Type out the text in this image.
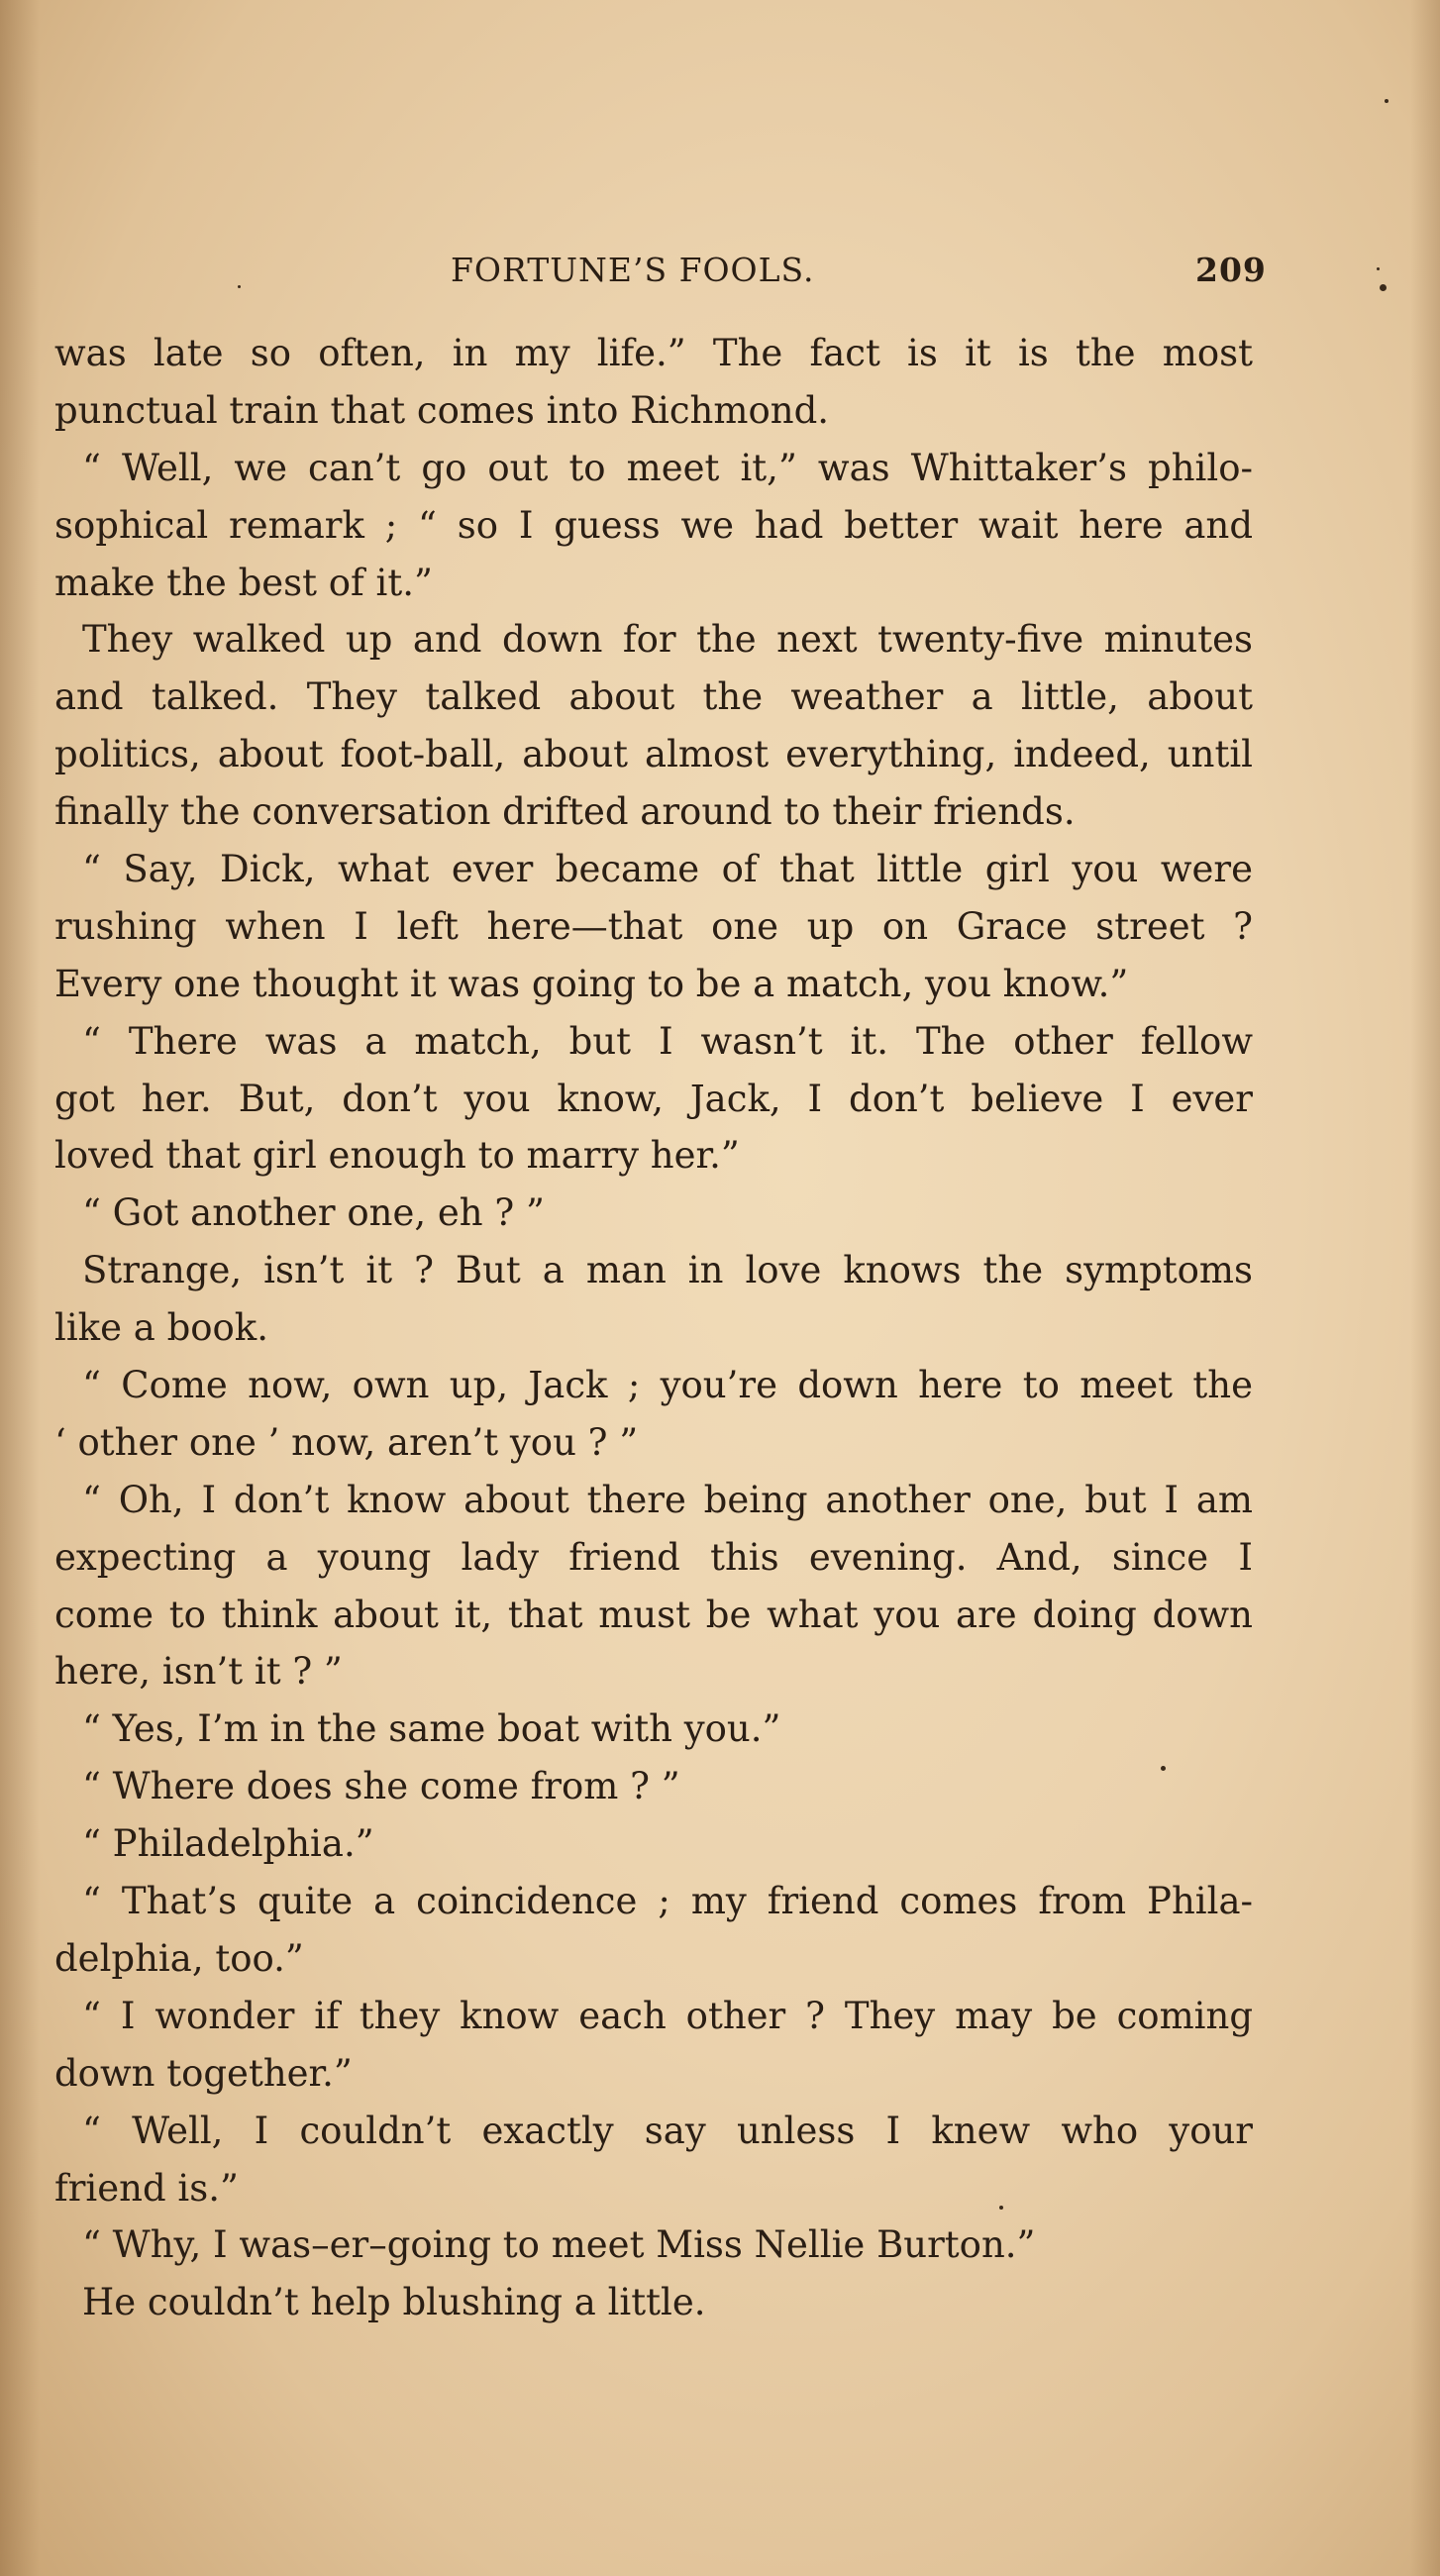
FORTUNE’S FOOLS.	209
was late so often, in my life.” The fact is it is the most
punctual train that comes into Richmond.
“ Well, we can’t go out to meet it,” was Whittaker’s philo-
sophical remark ; “ so I guess we had better wait here and
make the best of it.”
They walked up and down for the next twenty-five minutes
and talked. They talked about the weather a little, about
politics, about foot-ball, about almost everything, indeed, until
finally the conversation drifted around to their friends.
“ Say, Dick, what ever became of that little girl you were
rushing when I left here—that one up on Grace street ?
Every one thought it was going to be a match, you know.”
“ There was a match, but I wasn’t it. The other fellow
got her. But, don’t you know, Jack, I don’t believe I ever
loved that girl enough to marry her.”
“ Got another one, eh ? ”
Strange, isn’t it ? But a man in love knows the symptoms
like a book.
“ Come now, own up, Jack ; you’re down here to meet the
‘ other one ’ now, aren’t you ? ”
“ Oh, I don’t know about there being another one, but I am
expecting a young lady friend this evening. And, since I
come to think about it, that must be what you are doing down
here, isn’t it ? ”
“ Yes, I’m in the same boat with you.”
“ Where does she come from ? ”
“ Philadelphia.”
“ That’s quite a coincidence ; my friend comes from Phila-
delphia, too.”
“ I wonder if they know each other ? They may be coming
down together.”
“ Well, I couldn’t exactly say unless I knew who your
friend is.”
“ Why, I was–er–going to meet Miss Nellie Burton.”
He couldn’t help blushing a little.
